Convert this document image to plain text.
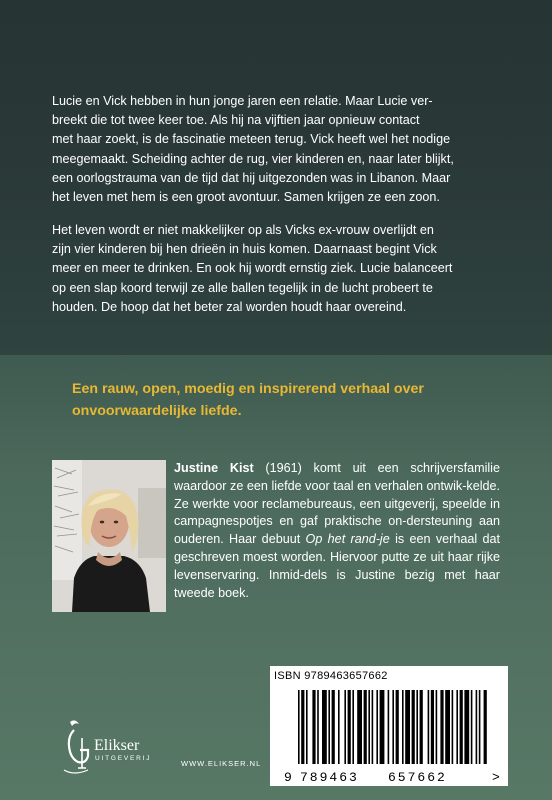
Lucie en Vick hebben in hun jonge jaren een relatie. Maar Lucie ver-
breekt die tot twee keer toe. Als hij na vijftien jaar opnieuw contact
met haar zoekt, is de fascinatie meteen terug. Vick heeft wel het nodige
meegemaakt. Scheiding achter de rug, vier kinderen en, naar later blijkt,
een oorlogstrauma van de tijd dat hij uitgezonden was in Libanon. Maar
het leven met hem is een groot avontuur. Samen krijgen ze een zoon.

Het leven wordt er niet makkelijker op als Vicks ex-vrouw overlijdt en
zijn vier kinderen bij hen drieën in huis komen. Daarnaast begint Vick
meer en meer te drinken. En ook hij wordt ernstig ziek. Lucie balanceert
op een slap koord terwijl ze alle ballen tegelijk in de lucht probeert te
houden. De hoop dat het beter zal worden houdt haar overeind.

Een rauw, open, moedig en inspirerend verhaal over
onvoorwaardelijke liefde.

Justine Kist (1961) komt uit een schrijversfamilie waardoor ze een liefde voor taal en verhalen ontwik-kelde. Ze werkte voor reclamebureaus, een uitgeverij, speelde in campagnespotjes en gaf praktische on-dersteuning aan ouderen. Haar debuut Op het rand-je is een verhaal dat geschreven moest worden. Hiervoor putte ze uit haar rijke levenservaring. Inmid-dels is Justine bezig met haar tweede boek.

Elikser
UITGEVERIJ
WWW.ELIKSER.NL
ISBN 9789463657662
9 789463 657662	>
